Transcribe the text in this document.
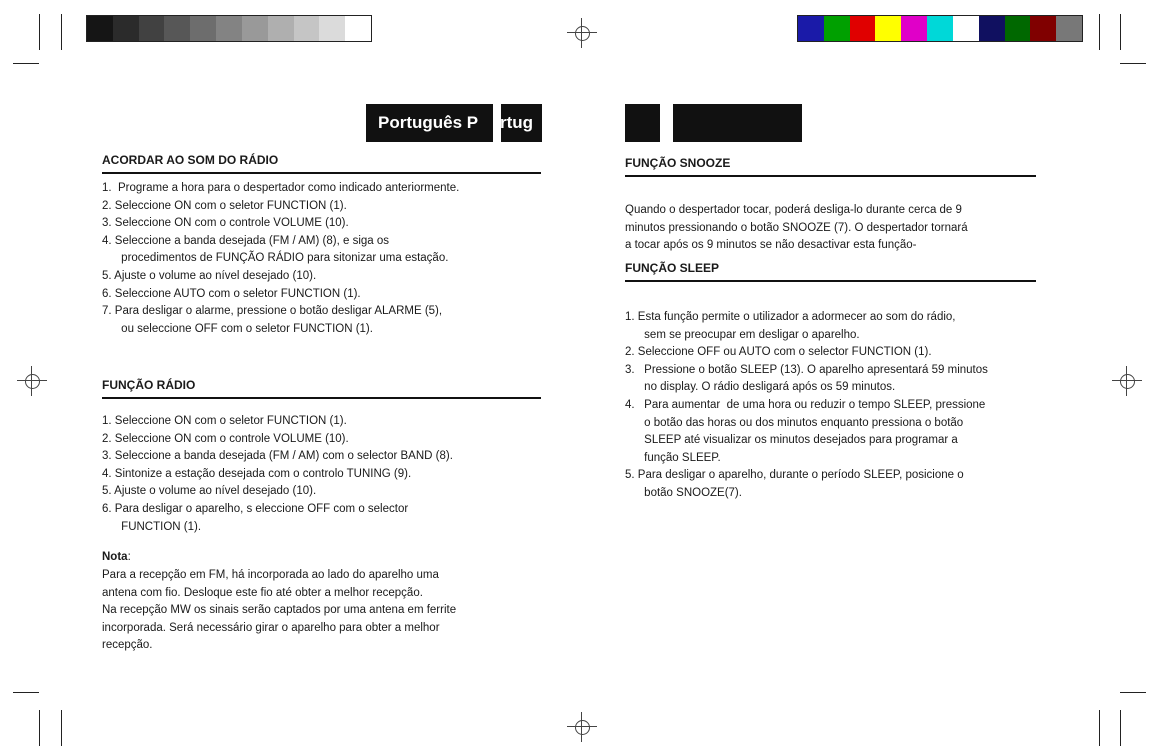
Português P rtug
ACORDAR AO SOM DO RÁDIO
1.  Programe a hora para o despertador como indicado anteriormente.
2. Seleccione ON com o seletor FUNCTION (1).
3. Seleccione ON com o controle VOLUME (10).
4. Seleccione a banda desejada (FM / AM) (8), e siga os
procedimentos de FUNÇÃO RÁDIO para sitonizar uma estação.
5. Ajuste o volume ao nível desejado (10).
6. Seleccione AUTO com o seletor FUNCTION (1).
7. Para desligar o alarme, pressione o botão desligar ALARME (5),
ou seleccione OFF com o seletor FUNCTION (1).
FUNÇÃO RÁDIO
1. Seleccione ON com o seletor FUNCTION (1).
2. Seleccione ON com o controle VOLUME (10).
3. Seleccione a banda desejada (FM / AM) com o selector BAND (8).
4. Sintonize a estação desejada com o controlo TUNING (9).
5. Ajuste o volume ao nível desejado (10).
6. Para desligar o aparelho, s eleccione OFF com o selector
FUNCTION (1).
Nota:
Para a recepção em FM, há incorporada ao lado do aparelho uma
antena com fio. Desloque este fio até obter a melhor recepção.
Na recepção MW os sinais serão captados por uma antena em ferrite
incorporada. Será necessário girar o aparelho para obter a melhor
recepção.
FUNÇÃO SNOOZE
Quando o despertador tocar, poderá desliga-lo durante cerca de 9
minutos pressionando o botão SNOOZE (7). O despertador tornará
a tocar após os 9 minutos se não desactivar esta função-
FUNÇÃO SLEEP
1. Esta função permite o utilizador a adormecer ao som do rádio,
sem se preocupar em desligar o aparelho.
2. Seleccione OFF ou AUTO com o selector FUNCTION (1).
3.   Pressione o botão SLEEP (13). O aparelho apresentará 59 minutos
no display. O rádio desligará após os 59 minutos.
4.   Para aumentar  de uma hora ou reduzir o tempo SLEEP, pressione
o botão das horas ou dos minutos enquanto pressiona o botão
SLEEP até visualizar os minutos desejados para programar a
função SLEEP.
5. Para desligar o aparelho, durante o período SLEEP, posicione o
botão SNOOZE(7).
